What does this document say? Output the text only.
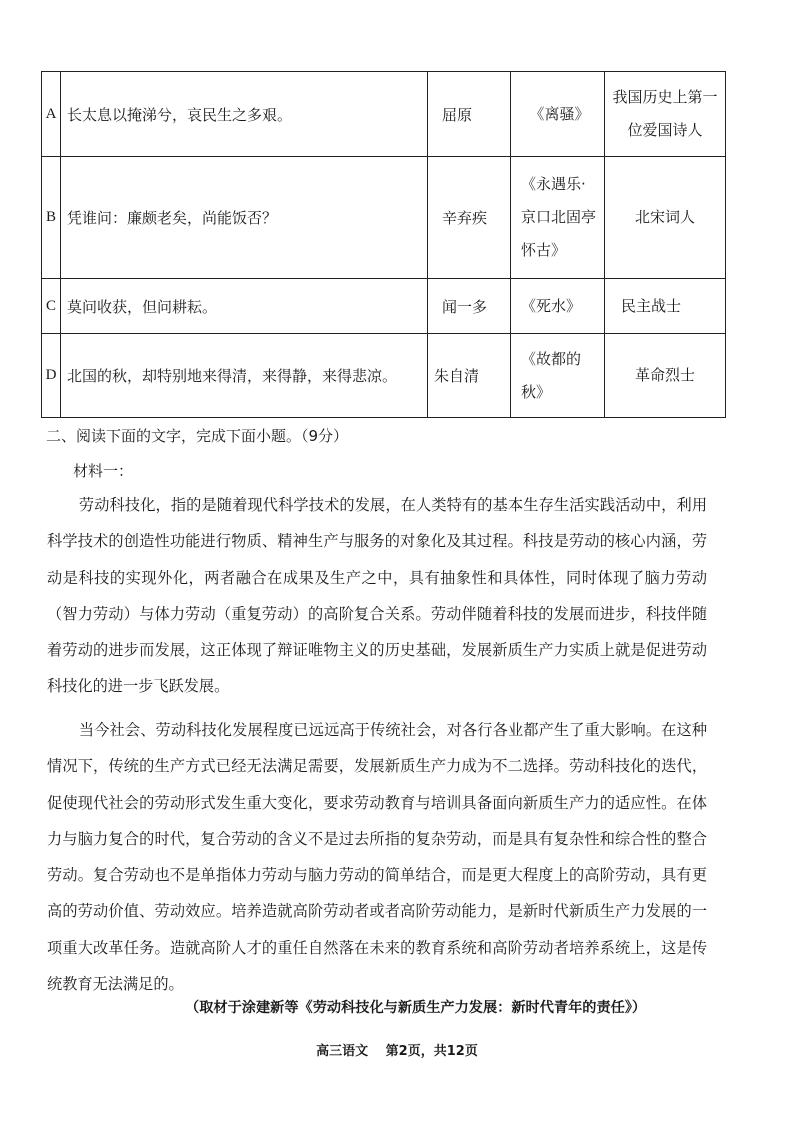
A	长太息以掩涕兮，哀民生之多艰。	屈原	《离骚》	我国历史上第一位爱国诗人
B	凭谁问：廉颇老矣，尚能饭否？	辛弃疾	《永遇乐·京口北固亭怀古》	北宋词人
C	莫问收获，但问耕耘。	闻一多	《死水》	民主战士
D	北国的秋，却特别地来得清，来得静，来得悲凉。	朱自清	《故都的秋》	革命烈士
二、阅读下面的文字，完成下面小题。（9分）
材料一：
劳动科技化，指的是随着现代科学技术的发展，在人类特有的基本生存生活实践活动中，利用科学技术的创造性功能进行物质、精神生产与服务的对象化及其过程。科技是劳动的核心内涵，劳动是科技的实现外化，两者融合在成果及生产之中，具有抽象性和具体性，同时体现了脑力劳动（智力劳动）与体力劳动（重复劳动）的高阶复合关系。劳动伴随着科技的发展而进步，科技伴随着劳动的进步而发展，这正体现了辩证唯物主义的历史基础，发展新质生产力实质上就是促进劳动科技化的进一步飞跃发展。
当今社会、劳动科技化发展程度已远远高于传统社会，对各行各业都产生了重大影响。在这种情况下，传统的生产方式已经无法满足需要，发展新质生产力成为不二选择。劳动科技化的迭代，促使现代社会的劳动形式发生重大变化，要求劳动教育与培训具备面向新质生产力的适应性。在体力与脑力复合的时代，复合劳动的含义不是过去所指的复杂劳动，而是具有复杂性和综合性的整合劳动。复合劳动也不是单指体力劳动与脑力劳动的简单结合，而是更大程度上的高阶劳动，具有更高的劳动价值、劳动效应。培养造就高阶劳动者或者高阶劳动能力，是新时代新质生产力发展的一项重大改革任务。造就高阶人才的重任自然落在未来的教育系统和高阶劳动者培养系统上，这是传统教育无法满足的。
（取材于涂建新等《劳动科技化与新质生产力发展：新时代青年的责任》）
高三语文　 第2页，共12页
